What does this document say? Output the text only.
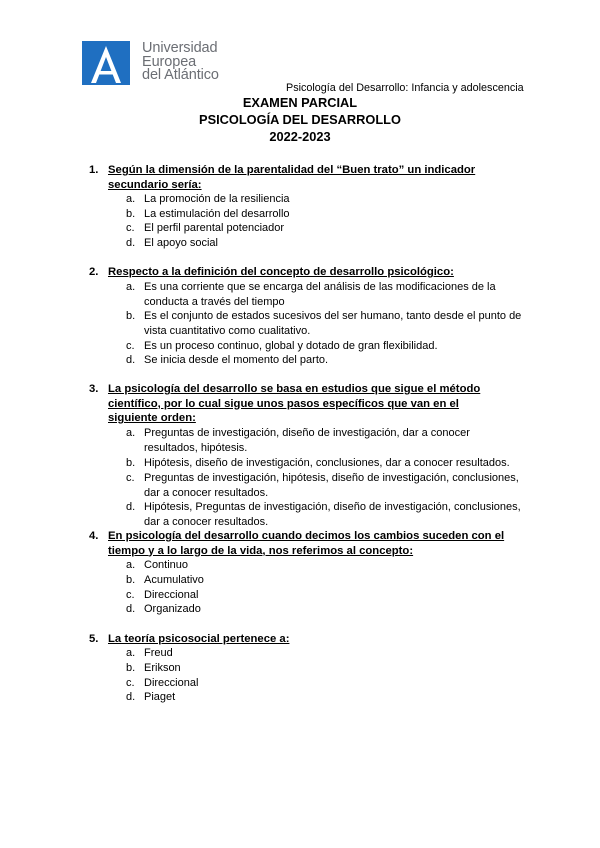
Universidad
Europea
del Atlántico
Psicología del Desarrollo: Infancia y adolescencia
EXAMEN PARCIAL
PSICOLOGÍA DEL DESARROLLO
2022-2023
1. Según la dimensión de la parentalidad del “Buen trato” un indicador secundario sería:
a. La promoción de la resiliencia
b. La estimulación del desarrollo
c. El perfil parental potenciador
d. El apoyo social
2. Respecto a la definición del concepto de desarrollo psicológico:
a. Es una corriente que se encarga del análisis de las modificaciones de la conducta a través del tiempo
b. Es el conjunto de estados sucesivos del ser humano, tanto desde el punto de vista cuantitativo como cualitativo.
c. Es un proceso continuo, global y dotado de gran flexibilidad.
d. Se inicia desde el momento del parto.
3. La psicología del desarrollo se basa en estudios que sigue el método científico, por lo cual sigue unos pasos específicos que van en el siguiente orden:
a. Preguntas de investigación, diseño de investigación, dar a conocer resultados, hipótesis.
b. Hipótesis, diseño de investigación, conclusiones, dar a conocer resultados.
c. Preguntas de investigación, hipótesis, diseño de investigación, conclusiones, dar a conocer resultados.
d. Hipótesis, Preguntas de investigación, diseño de investigación, conclusiones, dar a conocer resultados.
4. En psicología del desarrollo cuando decimos los cambios suceden con el tiempo y a lo largo de la vida, nos referimos al concepto:
a. Continuo
b. Acumulativo
c. Direccional
d. Organizado
5. La teoría psicosocial pertenece a:
a. Freud
b. Erikson
c. Direccional
d. Piaget
